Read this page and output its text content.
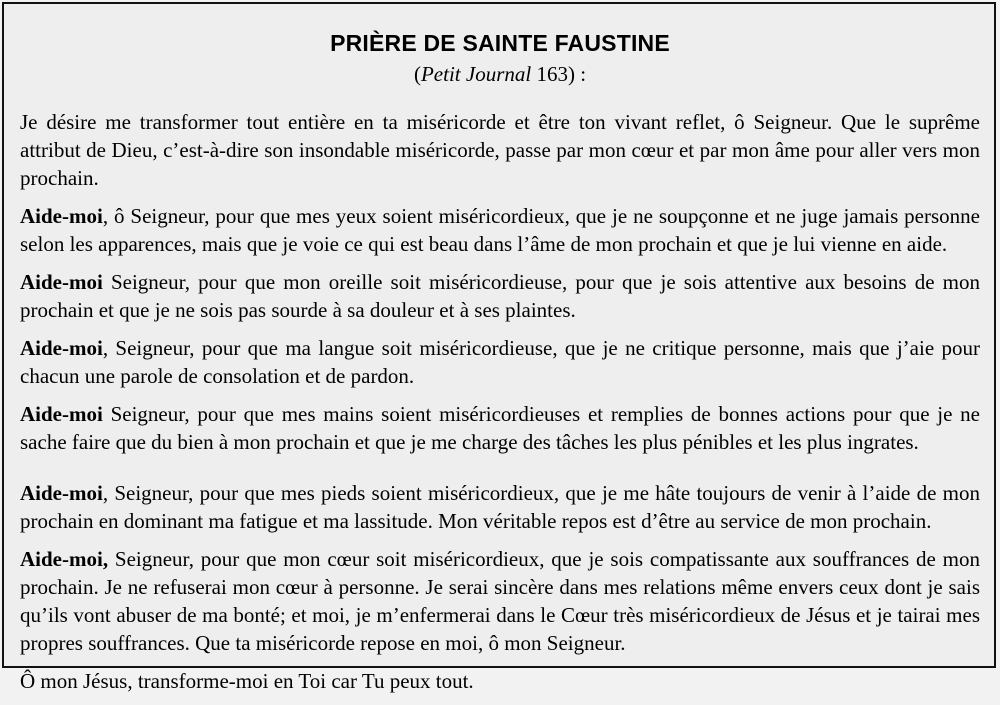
PRIÈRE DE SAINTE FAUSTINE
(Petit Journal 163) :

Je désire me transformer tout entière en ta miséricorde et être ton vivant reflet, ô Seigneur. Que le suprême attribut de Dieu, c’est-à-dire son insondable miséricorde, passe par mon cœur et par mon âme pour aller vers mon prochain.

Aide-moi, ô Seigneur, pour que mes yeux soient miséricordieux, que je ne soupçonne et ne juge jamais personne selon les apparences, mais que je voie ce qui est beau dans l’âme de mon prochain et que je lui vienne en aide.

Aide-moi Seigneur, pour que mon oreille soit miséricordieuse, pour que je sois attentive aux besoins de mon prochain et que je ne sois pas sourde à sa douleur et à ses plaintes.

Aide-moi, Seigneur, pour que ma langue soit miséricordieuse, que je ne critique personne, mais que j’aie pour chacun une parole de consolation et de pardon.

Aide-moi Seigneur, pour que mes mains soient miséricordieuses et remplies de bonnes actions pour que je ne sache faire que du bien à mon prochain et que je me charge des tâches les plus pénibles et les plus ingrates.

Aide-moi, Seigneur, pour que mes pieds soient miséricordieux, que je me hâte toujours de venir à l’aide de mon prochain en dominant ma fatigue et ma lassitude. Mon véritable repos est d’être au service de mon prochain.

Aide-moi, Seigneur, pour que mon cœur soit miséricordieux, que je sois compatissante aux souffrances de mon prochain. Je ne refuserai mon cœur à personne. Je serai sincère dans mes relations même envers ceux dont je sais qu’ils vont abuser de ma bonté; et moi, je m’enfermerai dans le Cœur très miséricordieux de Jésus et je tairai mes propres souffrances. Que ta miséricorde repose en moi, ô mon Seigneur.

Ô mon Jésus, transforme-moi en Toi car Tu peux tout.
